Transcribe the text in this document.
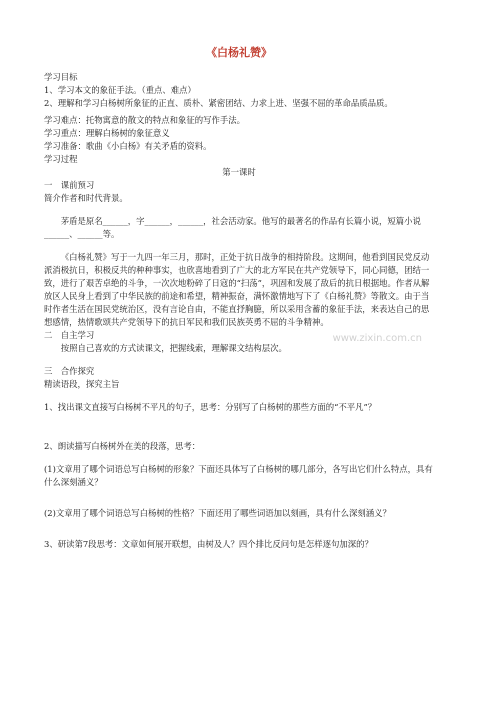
《白杨礼赞》

学习目标

1、学习本文的象征手法。（重点、难点）

2、理解和学习白杨树所象征的正直、质朴、紧密团结、力求上进、坚强不屈的革命品质品质。

学习难点：托物寓意的散文的特点和象征的写作手法。

学习重点：理解白杨树的象征意义

学习准备：歌曲《小白杨》有关矛盾的资料。

学习过程

第一课时

一　课前预习

简介作者和时代背景。

茅盾是原名______，字______，______，社会活动家。他写的最著名的作品有长篇小说，短篇小说______、______等。

《白杨礼赞》写于一九四一年三月，那时，正处于抗日战争的相持阶段。这期间，他看到国民党反动派消极抗日，积极反共的种种事实，也欣喜地看到了广大的北方军民在共产党领导下，同心同德，团结一致，进行了艰苦卓绝的斗争，一次次地粉碎了日寇的“扫荡”，巩固和发展了敌后的抗日根据地。作者从解放区人民身上看到了中华民族的前途和希望，精神振奋，满怀激情地写下了《白杨礼赞》等散文。由于当时作者生活在国民党统治区，没有言论自由，不能直抒胸臆，所以采用含蓄的象征手法，来表达自己的思想感情，热情歌颂共产党领导下的抗日军民和我们民族英勇不屈的斗争精神。

二　自主学习

按照自己喜欢的方式读课文，把握线索，理解课文结构层次。

三　合作探究

精读语段，探究主旨

1、找出课文直接写白杨树不平凡的句子，思考：分别写了白杨树的那些方面的“不平凡”？

2、朗读描写白杨树外在美的段落，思考：

(1)文章用了哪个词语总写白杨树的形象？下面还具体写了白杨树的哪几部分，各写出它们什么特点，具有什么深刻涵义？

(2)文章用了哪个词语总写白杨树的性格？下面还用了哪些词语加以刻画，具有什么深刻涵义？

3、研读第7段思考：文章如何展开联想，由树及人？四个排比反问句是怎样逐句加深的？

www.zixin.com.cn
